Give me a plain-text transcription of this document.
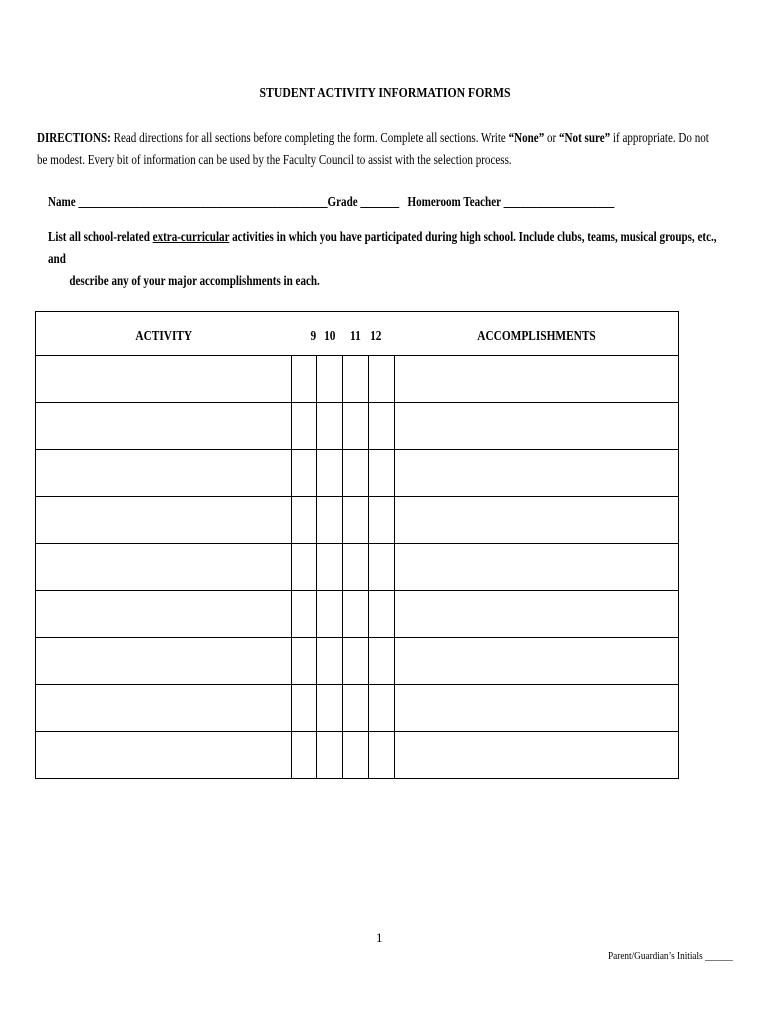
STUDENT ACTIVITY INFORMATION FORMS
DIRECTIONS: Read directions for all sections before completing the form. Complete all sections. Write “None” or “Not sure” if appropriate. Do not be modest. Every bit of information can be used by the Faculty Council to assist with the selection process.
Name _____________________________________________Grade _______ Homeroom Teacher ____________________
List all school-related extra-curricular activities in which you have participated during high school. Include clubs, teams, musical groups, etc., and
describe any of your major accomplishments in each.
ACTIVITY	9	10	11	12	ACCOMPLISHMENTS

1
Parent/Guardian’s Initials ______
